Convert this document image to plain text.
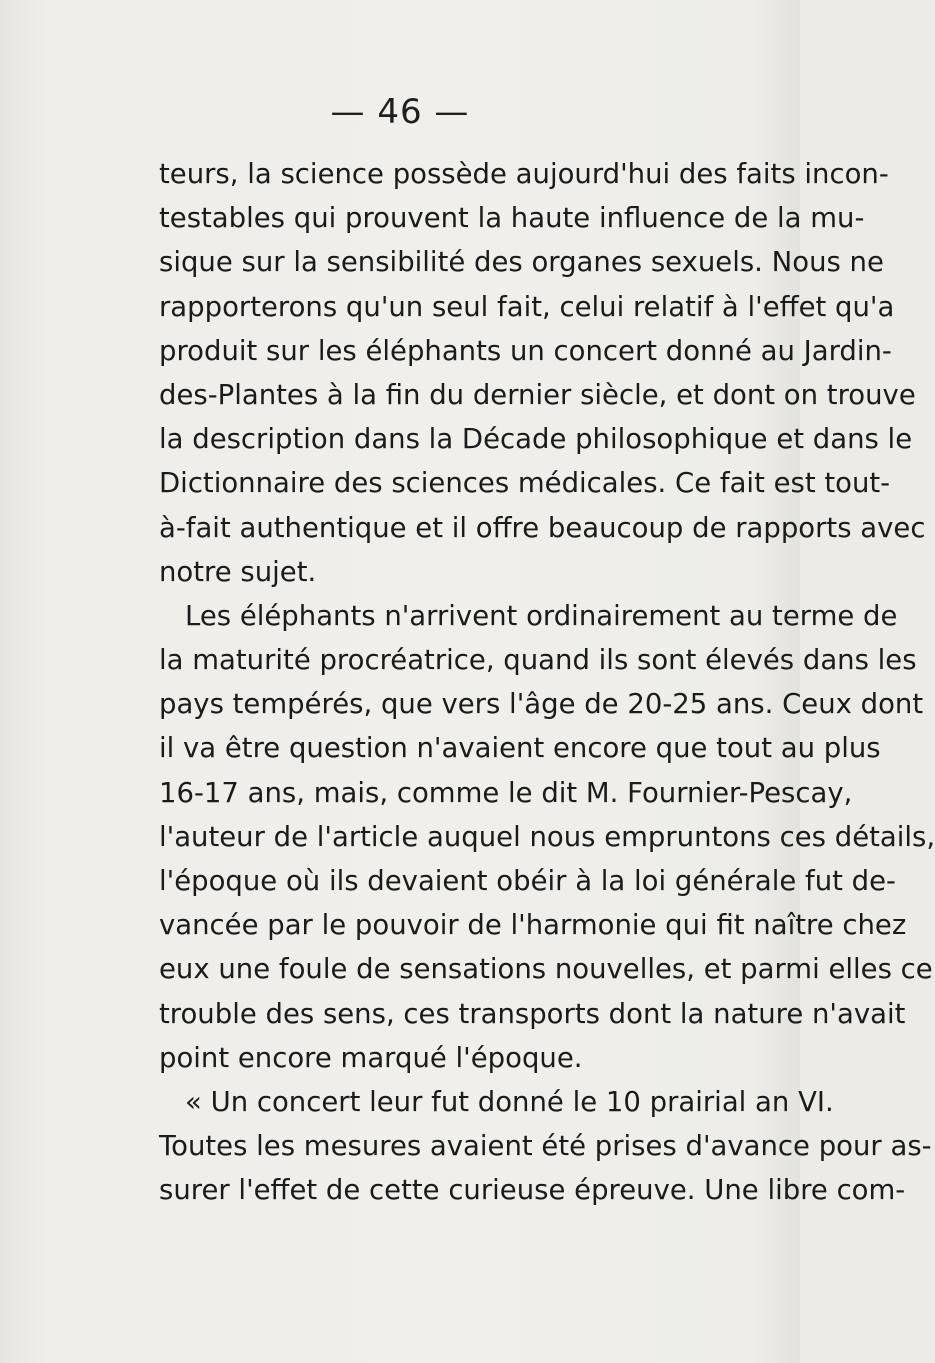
— 46 —
teurs, la science possède aujourd'hui des faits incon-
testables qui prouvent la haute influence de la mu-
sique sur la sensibilité des organes sexuels. Nous ne
rapporterons qu'un seul fait, celui relatif à l'effet qu'a
produit sur les éléphants un concert donné au Jardin-
des-Plantes à la fin du dernier siècle, et dont on trouve
la description dans la Décade philosophique et dans le
Dictionnaire des sciences médicales. Ce fait est tout-
à-fait authentique et il offre beaucoup de rapports avec
notre sujet.
Les éléphants n'arrivent ordinairement au terme de
la maturité procréatrice, quand ils sont élevés dans les
pays tempérés, que vers l'âge de 20-25 ans. Ceux dont
il va être question n'avaient encore que tout au plus
16-17 ans, mais, comme le dit M. Fournier-Pescay,
l'auteur de l'article auquel nous empruntons ces détails,
l'époque où ils devaient obéir à la loi générale fut de-
vancée par le pouvoir de l'harmonie qui fit naître chez
eux une foule de sensations nouvelles, et parmi elles ce
trouble des sens, ces transports dont la nature n'avait
point encore marqué l'époque.
« Un concert leur fut donné le 10 prairial an VI.
Toutes les mesures avaient été prises d'avance pour as-
surer l'effet de cette curieuse épreuve. Une libre com-
